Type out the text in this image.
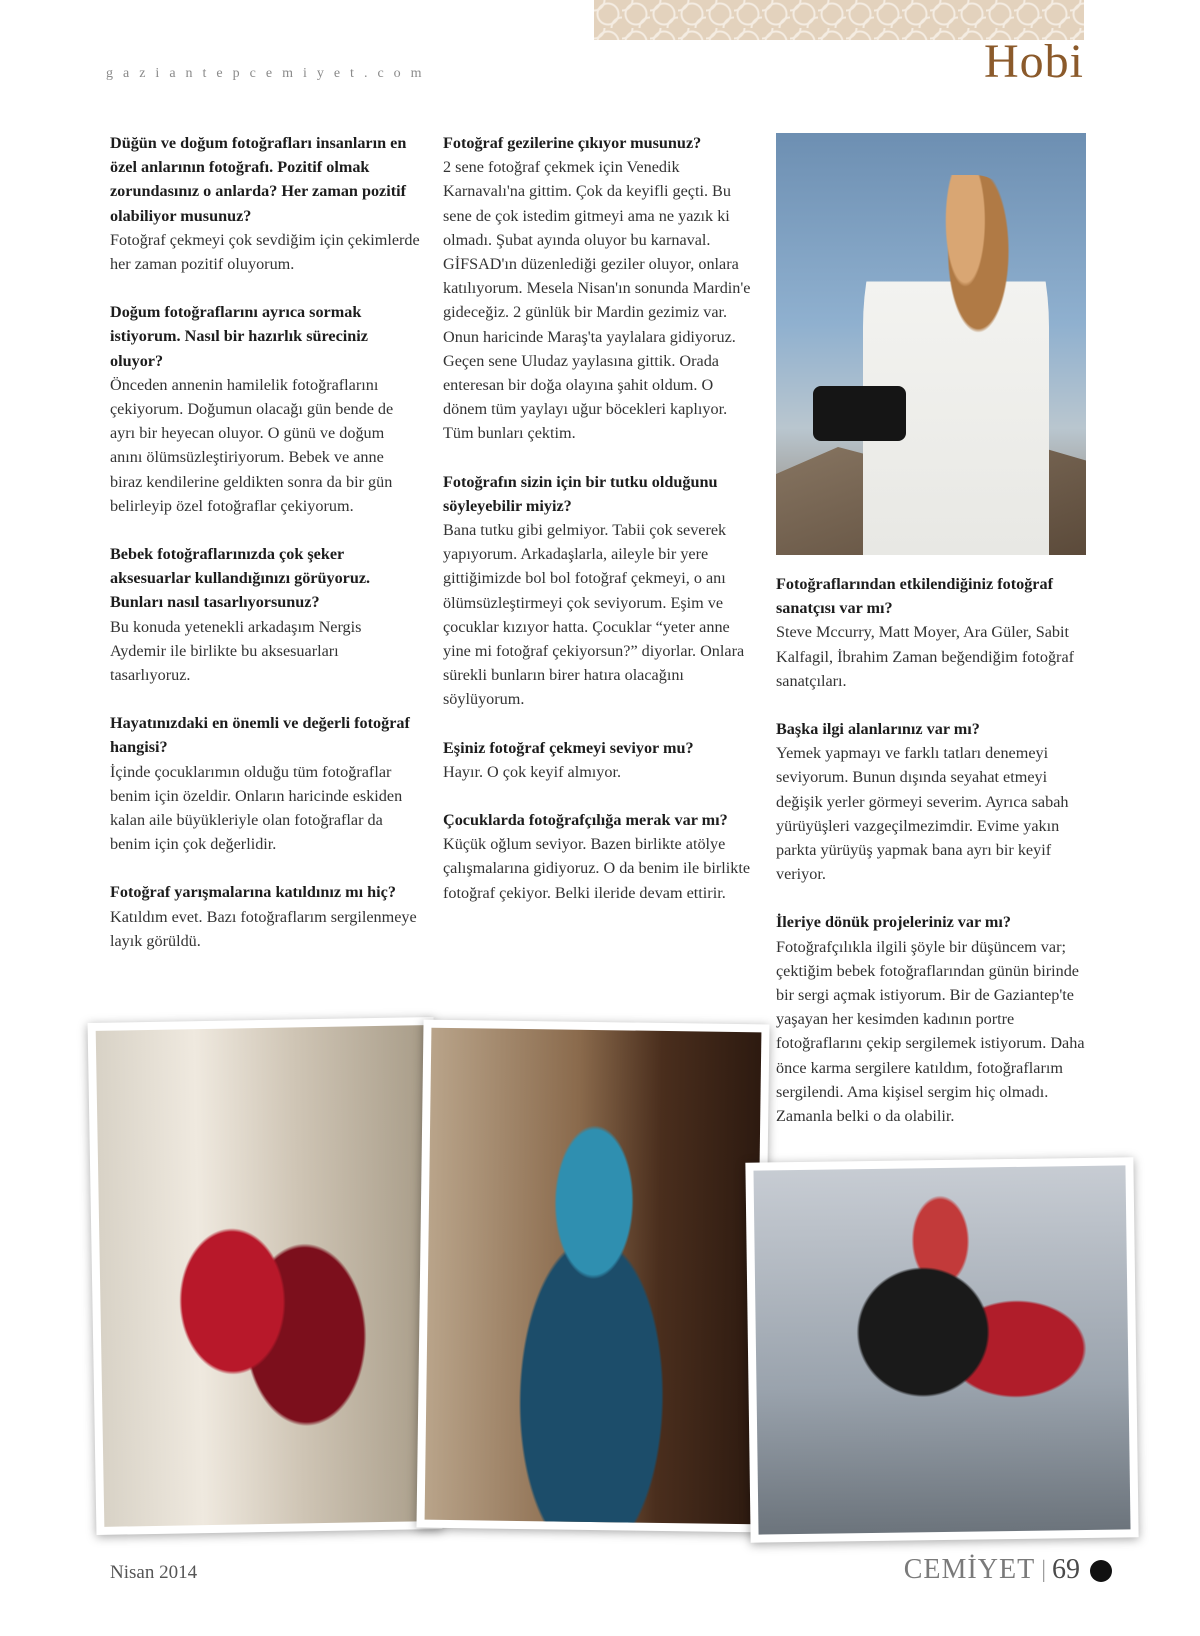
gaziantepcemiyet.com	Hobi

Düğün ve doğum fotoğrafları insanların en özel anlarının fotoğrafı. Pozitif olmak zorundasınız o anlarda? Her zaman pozitif olabiliyor musunuz?

Fotoğraf çekmeyi çok sevdiğim için çekimlerde her zaman pozitif oluyorum.

Doğum fotoğraflarını ayrıca sormak istiyorum. Nasıl bir hazırlık süreciniz oluyor?

Önceden annenin hamilelik fotoğraflarını çekiyorum. Doğumun olacağı gün bende de ayrı bir heyecan oluyor. O günü ve doğum anını ölümsüzleştiriyorum. Bebek ve anne biraz kendilerine geldikten sonra da bir gün belirleyip özel fotoğraflar çekiyorum.

Bebek fotoğraflarınızda çok şeker aksesuarlar kullandığınızı görüyoruz. Bunları nasıl tasarlıyorsunuz?

Bu konuda yetenekli arkadaşım Nergis Aydemir ile birlikte bu aksesuarları tasarlıyoruz.

Hayatınızdaki en önemli ve değerli fotoğraf hangisi?

İçinde çocuklarımın olduğu tüm fotoğraflar benim için özeldir. Onların haricinde eskiden kalan aile büyükleriyle olan fotoğraflar da benim için çok değerlidir.

Fotoğraf yarışmalarına katıldınız mı hiç?

Katıldım evet. Bazı fotoğraflarım sergilenmeye layık görüldü.

Fotoğraf gezilerine çıkıyor musunuz?

2 sene fotoğraf çekmek için Venedik Karnavalı'na gittim. Çok da keyifli geçti. Bu sene de çok istedim gitmeyi ama ne yazık ki olmadı. Şubat ayında oluyor bu karnaval. GİFSAD'ın düzenlediği geziler oluyor, onlara katılıyorum. Mesela Nisan'ın sonunda Mardin'e gideceğiz. 2 günlük bir Mardin gezimiz var. Onun haricinde Maraş'ta yaylalara gidiyoruz. Geçen sene Uludaz yaylasına gittik. Orada enteresan bir doğa olayına şahit oldum. O dönem tüm yaylayı uğur böcekleri kaplıyor. Tüm bunları çektim.

Fotoğrafın sizin için bir tutku olduğunu söyleyebilir miyiz?

Bana tutku gibi gelmiyor. Tabii çok severek yapıyorum. Arkadaşlarla, aileyle bir yere gittiğimizde bol bol fotoğraf çekmeyi, o anı ölümsüzleştirmeyi çok seviyorum. Eşim ve çocuklar kızıyor hatta. Çocuklar “yeter anne yine mi fotoğraf çekiyorsun?” diyorlar. Onlara sürekli bunların birer hatıra olacağını söylüyorum.

Eşiniz fotoğraf çekmeyi seviyor mu?

Hayır. O çok keyif almıyor.

Çocuklarda fotoğrafçılığa merak var mı?

Küçük oğlum seviyor. Bazen birlikte atölye çalışmalarına gidiyoruz. O da benim ile birlikte fotoğraf çekiyor. Belki ileride devam ettirir.

Fotoğraflarından etkilendiğiniz fotoğraf sanatçısı var mı?

Steve Mccurry, Matt Moyer, Ara Güler, Sabit Kalfagil, İbrahim Zaman beğendiğim fotoğraf sanatçıları.

Başka ilgi alanlarınız var mı?

Yemek yapmayı ve farklı tatları denemeyi seviyorum. Bunun dışında seyahat etmeyi değişik yerler görmeyi severim. Ayrıca sabah yürüyüşleri vazgeçilmezimdir. Evime yakın parkta yürüyüş yapmak bana ayrı bir keyif veriyor.

İleriye dönük projeleriniz var mı?

Fotoğrafçılıkla ilgili şöyle bir düşüncem var; çektiğim bebek fotoğraflarından günün birinde bir sergi açmak istiyorum. Bir de Gaziantep'te yaşayan her kesimden kadının portre fotoğraflarını çekip sergilemek istiyorum. Daha önce karma sergilere katıldım, fotoğraflarım sergilendi. Ama kişisel sergim hiç olmadı. Zamanla belki o da olabilir.

Nisan 2014	CEMİYET | 69
